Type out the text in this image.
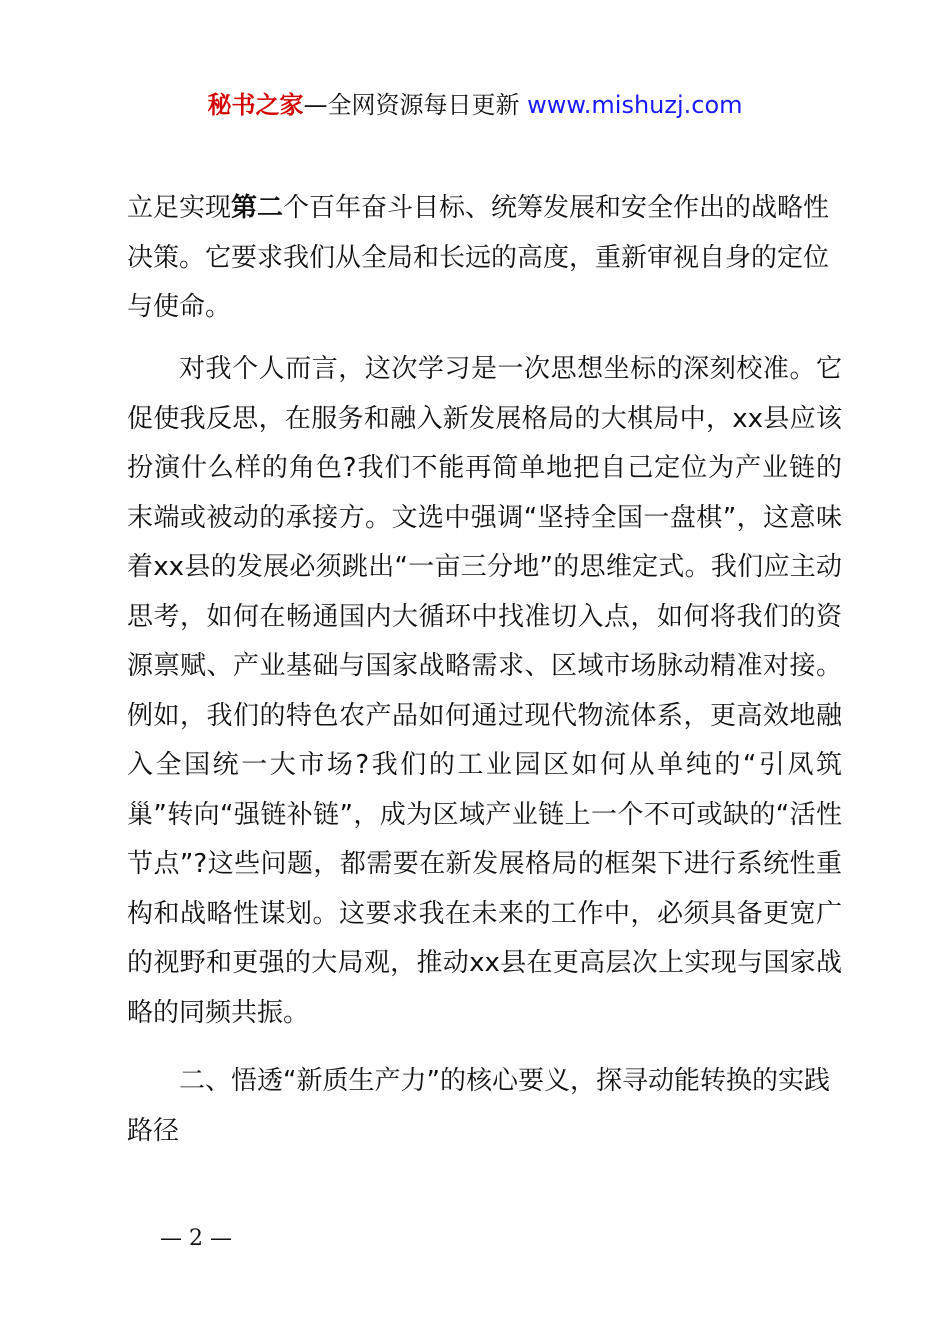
秘书之家—全网资源每日更新 www.mishuzj.com
立足实现第二个百年奋斗目标、统筹发展和安全作出的战略性决策。它要求我们从全局和长远的高度，重新审视自身的定位与使命。
对我个人而言，这次学习是一次思想坐标的深刻校准。它促使我反思，在服务和融入新发展格局的大棋局中，xx县应该扮演什么样的角色?我们不能再简单地把自己定位为产业链的末端或被动的承接方。文选中强调“坚持全国一盘棋”，这意味着xx县的发展必须跳出“一亩三分地”的思维定式。我们应主动思考，如何在畅通国内大循环中找准切入点，如何将我们的资源禀赋、产业基础与国家战略需求、区域市场脉动精准对接。例如，我们的特色农产品如何通过现代物流体系，更高效地融入全国统一大市场?我们的工业园区如何从单纯的“引凤筑巢”转向“强链补链”，成为区域产业链上一个不可或缺的“活性节点”?这些问题，都需要在新发展格局的框架下进行系统性重构和战略性谋划。这要求我在未来的工作中，必须具备更宽广的视野和更强的大局观，推动xx县在更高层次上实现与国家战略的同频共振。
二、悟透“新质生产力”的核心要义，探寻动能转换的实践路径
— 2 —
